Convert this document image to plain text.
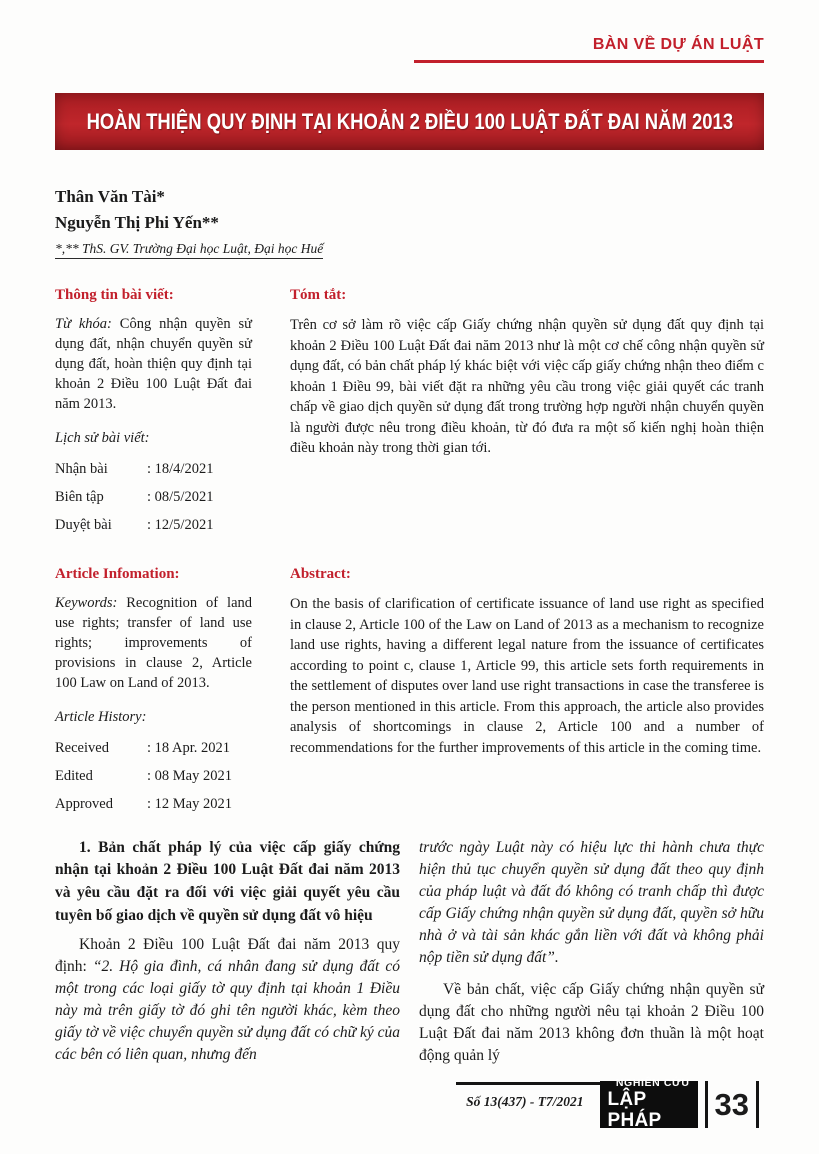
BÀN VỀ DỰ ÁN LUẬT
HOÀN THIỆN QUY ĐỊNH TẠI KHOẢN 2 ĐIỀU 100 LUẬT ĐẤT ĐAI NĂM 2013
Thân Văn Tài*
Nguyễn Thị Phi Yến**
*,** ThS. GV. Trường Đại học Luật, Đại học Huế
Thông tin bài viết:

Từ khóa: Công nhận quyền sử dụng đất, nhận chuyển quyền sử dụng đất, hoàn thiện quy định tại khoản 2 Điều 100 Luật Đất đai năm 2013.

Lịch sử bài viết:
Nhận bài	: 18/4/2021
Biên tập	: 08/5/2021
Duyệt bài	: 12/5/2021
Tóm tắt:

Trên cơ sở làm rõ việc cấp Giấy chứng nhận quyền sử dụng đất quy định tại khoản 2 Điều 100 Luật Đất đai năm 2013 như là một cơ chế công nhận quyền sử dụng đất, có bản chất pháp lý khác biệt với việc cấp giấy chứng nhận theo điểm c khoản 1 Điều 99, bài viết đặt ra những yêu cầu trong việc giải quyết các tranh chấp về giao dịch quyền sử dụng đất trong trường hợp người nhận chuyển quyền là người được nêu trong điều khoản, từ đó đưa ra một số kiến nghị hoàn thiện điều khoản này trong thời gian tới.

Article Infomation:

Keywords: Recognition of land use rights; transfer of land use rights; improvements of provisions in clause 2, Article 100 Law on Land of 2013.

Article History:
Received	: 18 Apr. 2021
Edited	: 08 May 2021
Approved	: 12 May 2021
Abstract:

On the basis of clarification of certificate issuance of land use right as specified in clause 2, Article 100 of the Law on Land of 2013 as a mechanism to recognize land use rights, having a different legal nature from the issuance of certificates according to point c, clause 1, Article 99, this article sets forth requirements in the settlement of disputes over land use right transactions in case the transferee is the person mentioned in this article. From this approach, the article also provides analysis of shortcomings in clause 2, Article 100 and a number of recommendations for the further improvements of this article in the coming time.

1. Bản chất pháp lý của việc cấp giấy chứng nhận tại khoản 2 Điều 100 Luật Đất đai năm 2013 và yêu cầu đặt ra đối với việc giải quyết yêu cầu tuyên bố giao dịch về quyền sử dụng đất vô hiệu

Khoản 2 Điều 100 Luật Đất đai năm 2013 quy định: “2. Hộ gia đình, cá nhân đang sử dụng đất có một trong các loại giấy tờ quy định tại khoản 1 Điều này mà trên giấy tờ đó ghi tên người khác, kèm theo giấy tờ về việc chuyển quyền sử dụng đất có chữ ký của các bên có liên quan, nhưng đến

trước ngày Luật này có hiệu lực thi hành chưa thực hiện thủ tục chuyển quyền sử dụng đất theo quy định của pháp luật và đất đó không có tranh chấp thì được cấp Giấy chứng nhận quyền sử dụng đất, quyền sở hữu nhà ở và tài sản khác gắn liền với đất và không phải nộp tiền sử dụng đất”.

Về bản chất, việc cấp Giấy chứng nhận quyền sử dụng đất cho những người nêu tại khoản 2 Điều 100 Luật Đất đai năm 2013 không đơn thuần là một hoạt động quản lý

Số 13(437) - T7/2021
NGHIÊN CỨU
LẬP PHÁP	33
